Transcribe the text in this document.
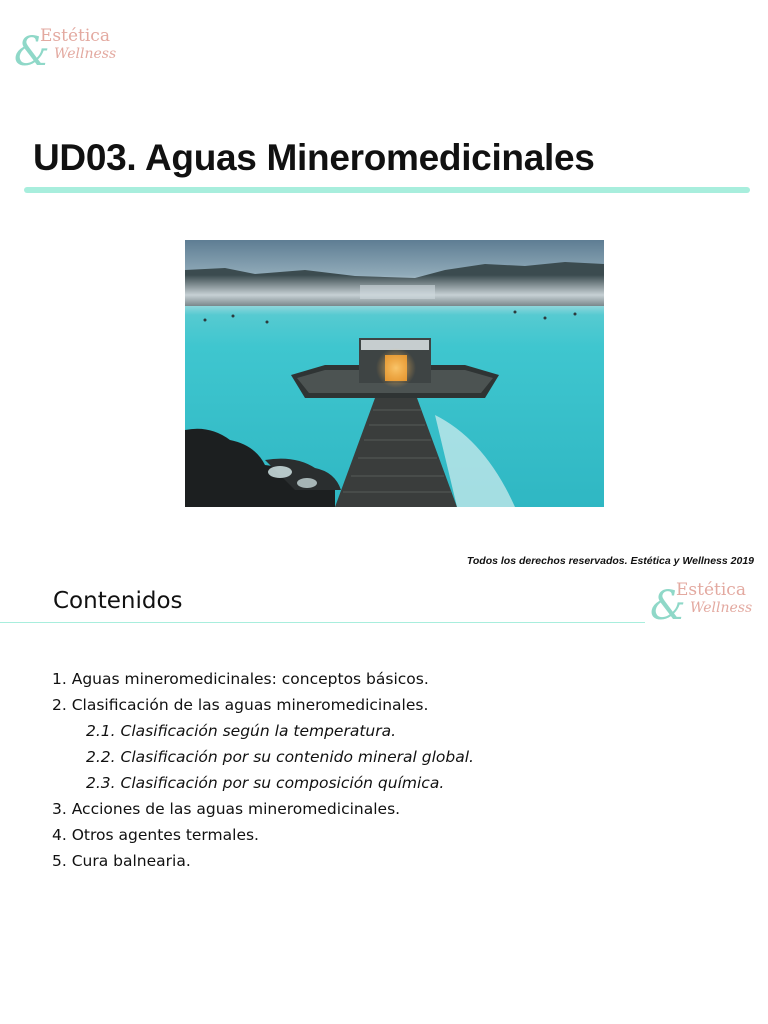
&
Estética
Wellness
UD03. Aguas Mineromedicinales
Todos los derechos reservados. Estética y Wellness 2019
Contenidos	&
Estética
Wellness
1. Aguas mineromedicinales: conceptos básicos.
2. Clasificación de las aguas mineromedicinales.
2.1. Clasificación según la temperatura.
2.2. Clasificación por su contenido mineral global.
2.3. Clasificación por su composición química.
3. Acciones de las aguas mineromedicinales.
4. Otros agentes termales.
5. Cura balnearia.
